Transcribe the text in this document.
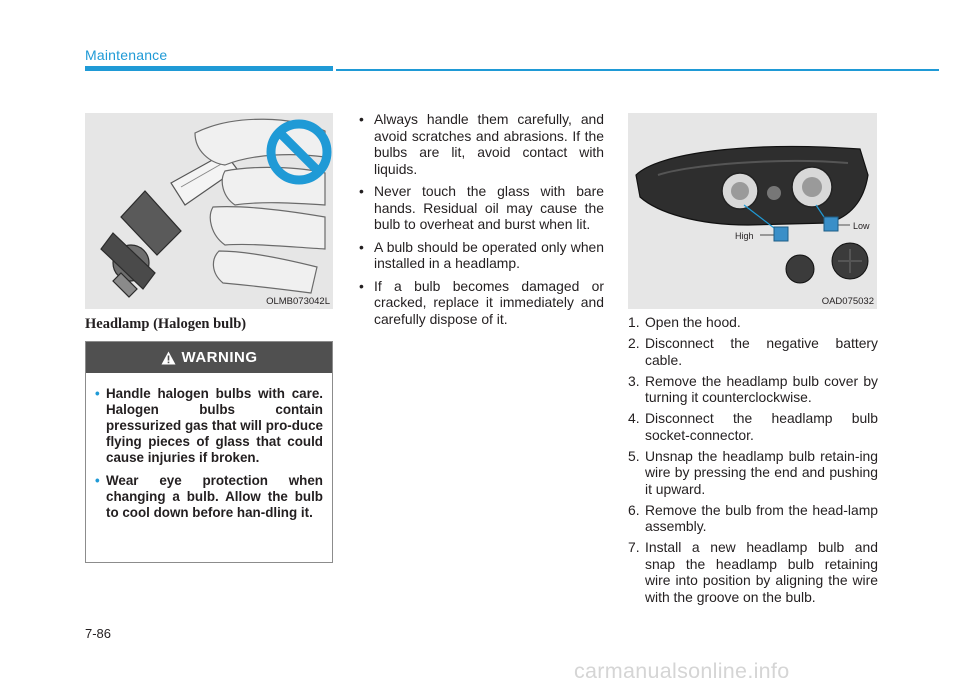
Maintenance
OLMB073042L
Headlamp (Halogen bulb)
WARNING
• Handle halogen bulbs with care. Halogen bulbs contain pressurized gas that will pro-duce flying pieces of glass that could cause injuries if broken.
• Wear eye protection when changing a bulb. Allow the bulb to cool down before han-dling it.
• Always handle them carefully, and avoid scratches and abrasions. If the bulbs are lit, avoid contact with liquids.
• Never touch the glass with bare hands. Residual oil may cause the bulb to overheat and burst when lit.
• A bulb should be operated only when installed in a headlamp.
• If a bulb becomes damaged or cracked, replace it immediately and carefully dispose of it.
High
Low
OAD075032
1. Open the hood.
2. Disconnect the negative battery cable.
3. Remove the headlamp bulb cover by turning it counterclockwise.
4. Disconnect the headlamp bulb socket-connector.
5. Unsnap the headlamp bulb retain-ing wire by pressing the end and pushing it upward.
6. Remove the bulb from the head-lamp assembly.
7. Install a new headlamp bulb and snap the headlamp bulb retaining wire into position by aligning the wire with the groove on the bulb.
7-86
carmanualsonline.info
